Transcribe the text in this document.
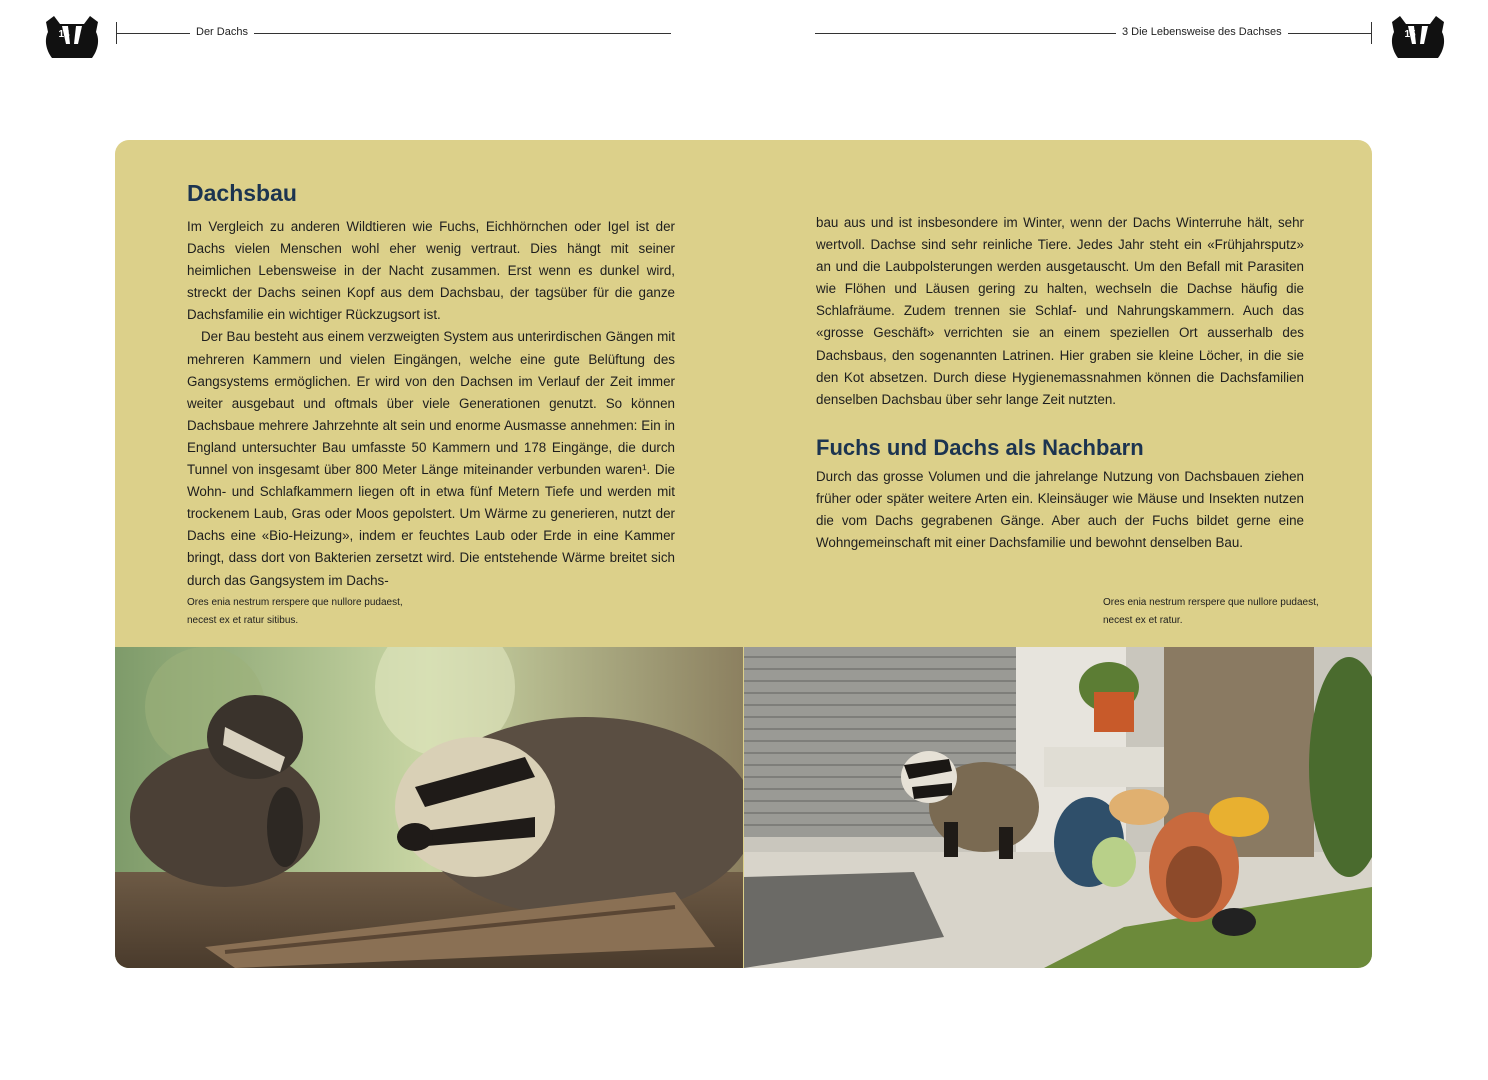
14	Der Dachs	3 Die Lebensweise des Dachses	15
Dachsbau

Im Vergleich zu anderen Wildtieren wie Fuchs, Eichhörnchen oder Igel ist der Dachs vielen Menschen wohl eher wenig vertraut. Dies hängt mit seiner heimlichen Lebensweise in der Nacht zusammen. Erst wenn es dunkel wird, streckt der Dachs seinen Kopf aus dem Dachsbau, der tagsüber für die ganze Dachsfamilie ein wichtiger Rückzugsort ist.

Der Bau besteht aus einem verzweigten System aus unterirdischen Gängen mit mehreren Kammern und vielen Eingängen, welche eine gute Belüftung des Gangsystems ermöglichen. Er wird von den Dachsen im Verlauf der Zeit immer weiter ausgebaut und oftmals über viele Generationen genutzt. So können Dachsbaue mehrere Jahrzehnte alt sein und enorme Ausmasse annehmen: Ein in England untersuchter Bau umfasste 50 Kammern und 178 Eingänge, die durch Tunnel von insgesamt über 800 Meter Länge miteinander verbunden waren¹. Die Wohn- und Schlafkammern liegen oft in etwa fünf Metern Tiefe und werden mit trockenem Laub, Gras oder Moos gepolstert. Um Wärme zu generieren, nutzt der Dachs eine «Bio-Heizung», indem er feuchtes Laub oder Erde in eine Kammer bringt, dass dort von Bakterien zersetzt wird. Die entstehende Wärme breitet sich durch das Gangsystem im Dachs-

bau aus und ist insbesondere im Winter, wenn der Dachs Winterruhe hält, sehr wertvoll. Dachse sind sehr reinliche Tiere. Jedes Jahr steht ein «Frühjahrsputz» an und die Laubpolsterungen werden ausgetauscht. Um den Befall mit Parasiten wie Flöhen und Läusen gering zu halten, wechseln die Dachse häufig die Schlafräume. Zudem trennen sie Schlaf- und Nahrungskammern. Auch das «grosse Geschäft» verrichten sie an einem speziellen Ort ausserhalb des Dachsbaus, den sogenannten Latrinen. Hier graben sie kleine Löcher, in die sie den Kot absetzen. Durch diese Hygienemassnahmen können die Dachsfamilien denselben Dachsbau über sehr lange Zeit nutzten.

Fuchs und Dachs als Nachbarn

Durch das grosse Volumen und die jahrelange Nutzung von Dachsbauen ziehen früher oder später weitere Arten ein. Kleinsäuger wie Mäuse und Insekten nutzen die vom Dachs gegrabenen Gänge. Aber auch der Fuchs bildet gerne eine Wohngemeinschaft mit einer Dachsfamilie und bewohnt denselben Bau.

Ores enia nestrum rerspere que nullore pudaest, necest ex et ratur sitibus.
Ores enia nestrum rerspere que nullore pudaest, necest ex et ratur.
